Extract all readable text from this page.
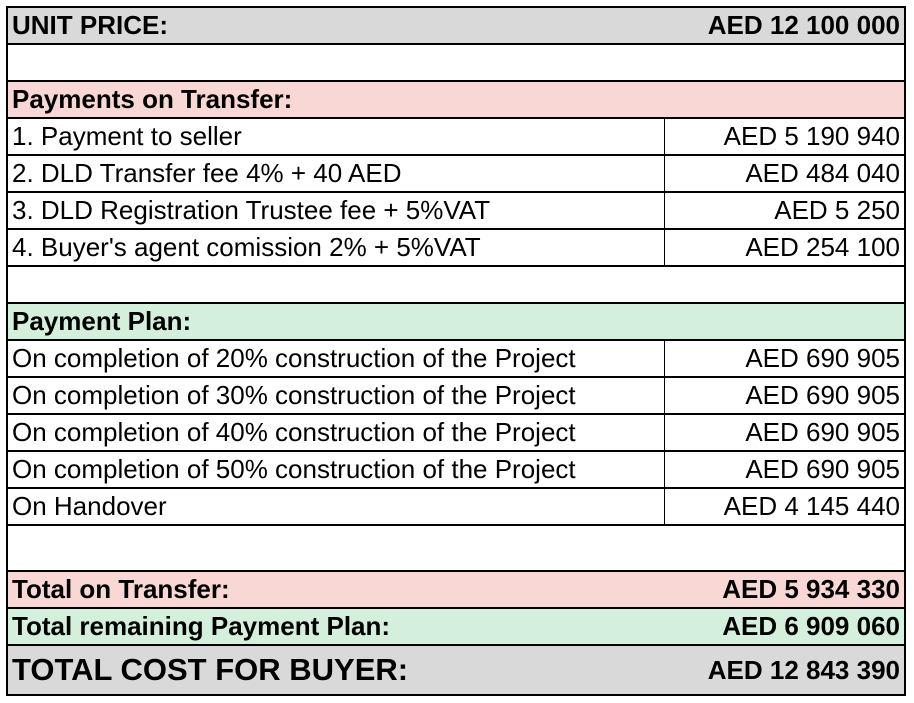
UNIT PRICE:	AED 12 100 000
Payments on Transfer:
1. Payment to seller	AED 5 190 940
2. DLD Transfer fee 4% + 40 AED	AED 484 040
3. DLD Registration Trustee fee + 5%VAT	AED 5 250
4. Buyer's agent comission 2% + 5%VAT	AED 254 100
Payment Plan:
On completion of 20% construction of the Project	AED 690 905
On completion of 30% construction of the Project	AED 690 905
On completion of 40% construction of the Project	AED 690 905
On completion of 50% construction of the Project	AED 690 905
On Handover	AED 4 145 440
Total on Transfer:	AED 5 934 330
Total remaining Payment Plan:	AED 6 909 060
TOTAL COST FOR BUYER:	AED 12 843 390
